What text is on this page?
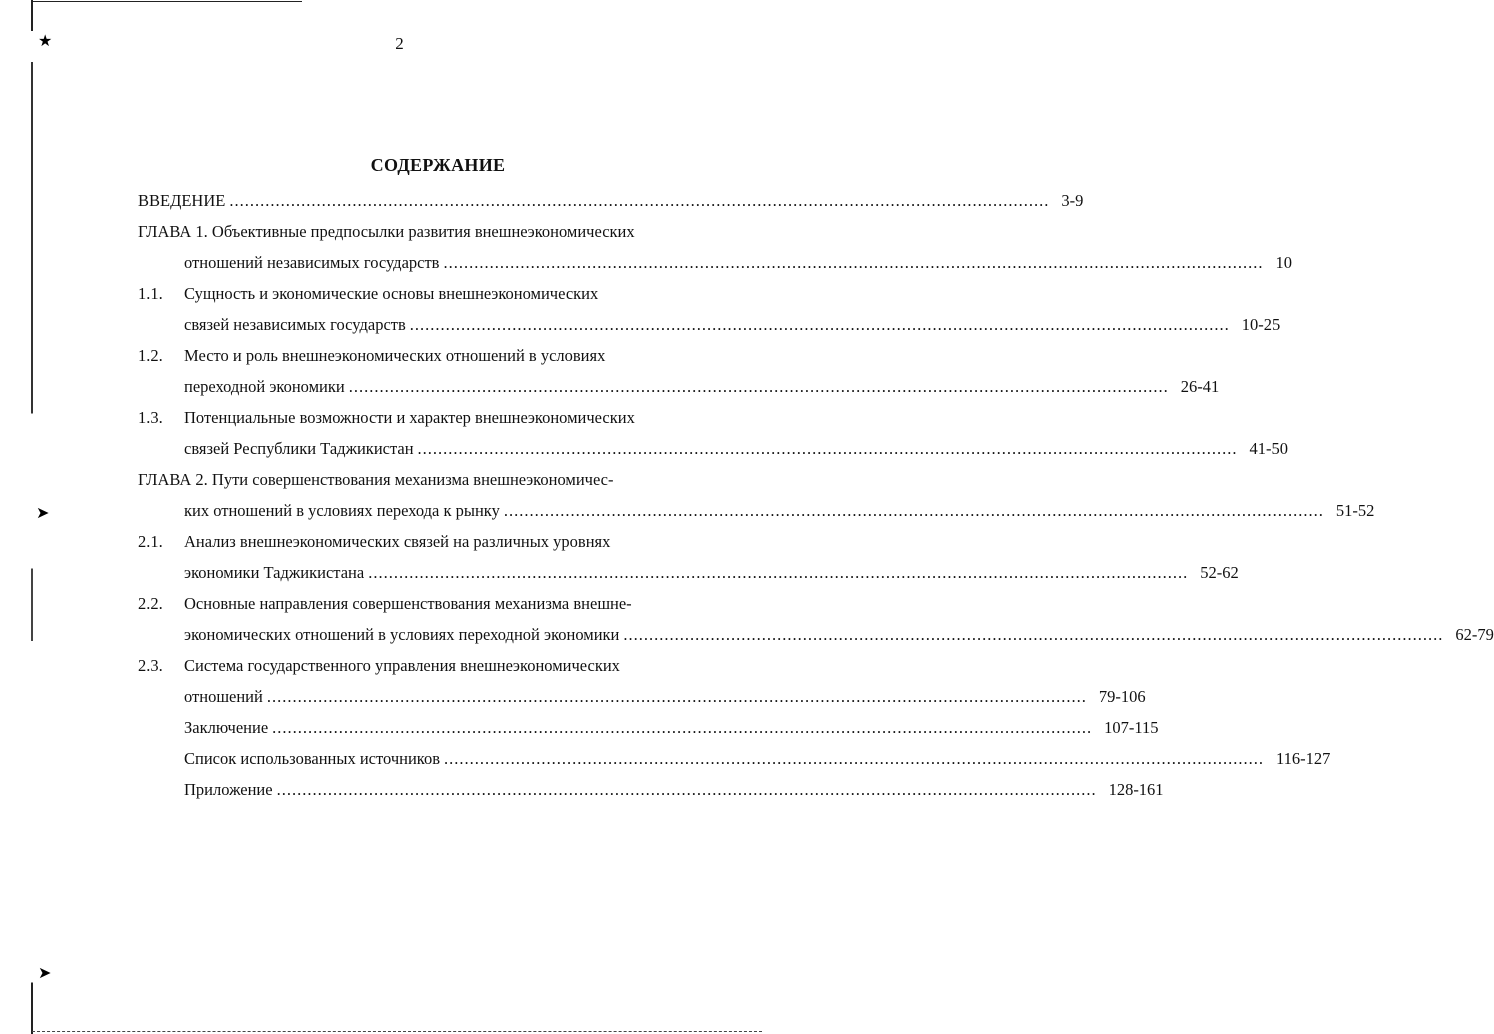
★
➤
➤
2
СОДЕРЖАНИЕ
ВВЕДЕНИЕ ................................................................................................................................................................ 3-9
ГЛАВА 1. Объективные предпосылки развития внешнеэкономических
отношений независимых государств ................................................................................................................................................................ 10
1.1.	Сущность и экономические основы внешнеэкономических
связей независимых государств ................................................................................................................................................................ 10-25
1.2.	Место и роль внешнеэкономических отношений в условиях
переходной экономики ................................................................................................................................................................ 26-41
1.3.	Потенциальные возможности и характер внешнеэкономических
связей Республики Таджикистан ................................................................................................................................................................ 41-50
ГЛАВА 2. Пути совершенствования механизма внешнеэкономичес-
ких отношений в условиях перехода к рынку ................................................................................................................................................................ 51-52
2.1.	Анализ внешнеэкономических связей на различных уровнях
экономики Таджикистана ................................................................................................................................................................ 52-62
2.2.	Основные направления совершенствования механизма внешне-
экономических отношений в условиях переходной экономики ................................................................................................................................................................ 62-79
2.3.	Система государственного управления внешнеэкономических
отношений ................................................................................................................................................................ 79-106
Заключение ................................................................................................................................................................ 107-115
Список использованных источников ................................................................................................................................................................ 116-127
Приложение ................................................................................................................................................................ 128-161
